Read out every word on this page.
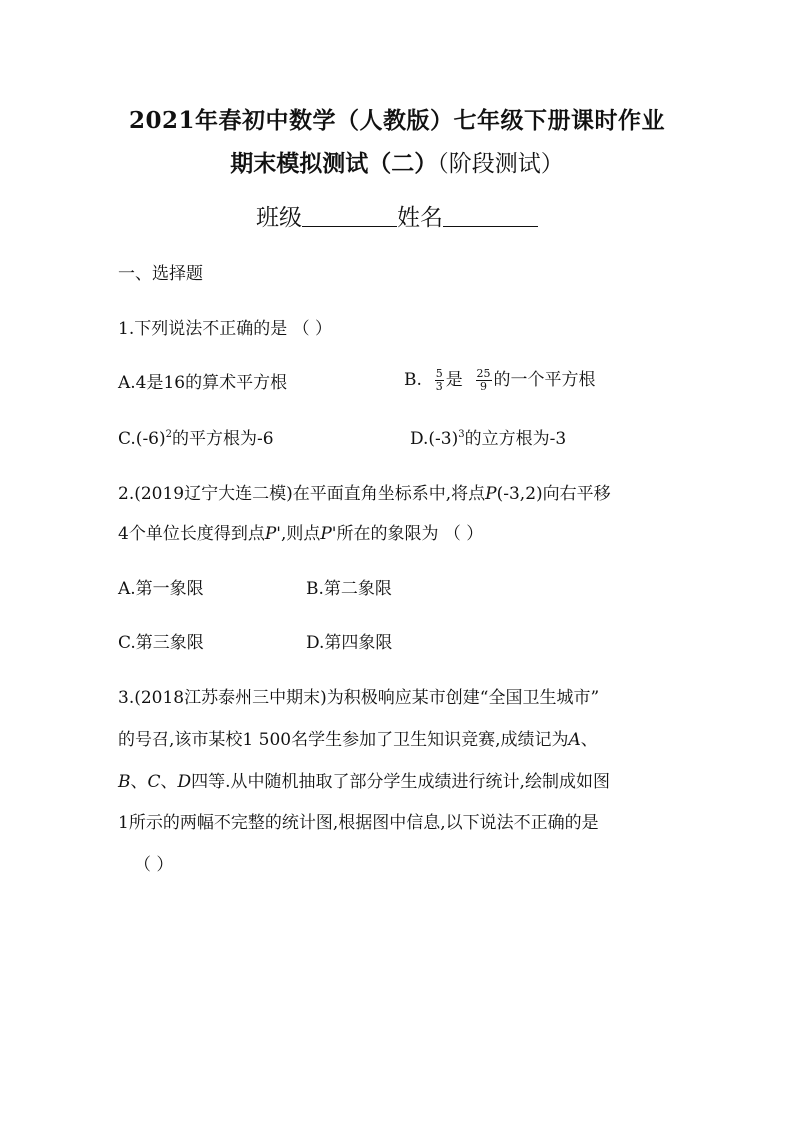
2021年春初中数学（人教版）七年级下册课时作业
期末模拟测试（二）（阶段测试）
班级	姓名
一、选择题
1.下列说法不正确的是 （ ）
A.4是16的算术平方根	B. $\frac{5}{3}$ 是 $\frac{25}{9}$ 的一个平方根
$C.(-6)^2$的平方根为-6	$D.(-3)^3$的立方根为-3
2.(2019辽宁大连二模)在平面直角坐标系中,将点P(-3,2)向右平移
4个单位长度得到点P',则点P'所在的象限为 （ ）
A.第一象限	B.第二象限
C.第三象限	D.第四象限
3.(2018江苏泰州三中期末)为积极响应某市创建“全国卫生城市”
的号召,该市某校1 500名学生参加了卫生知识竞赛,成绩记为A、
B、C、D四等.从中随机抽取了部分学生成绩进行统计,绘制成如图
1所示的两幅不完整的统计图,根据图中信息,以下说法不正确的是
（ ）
